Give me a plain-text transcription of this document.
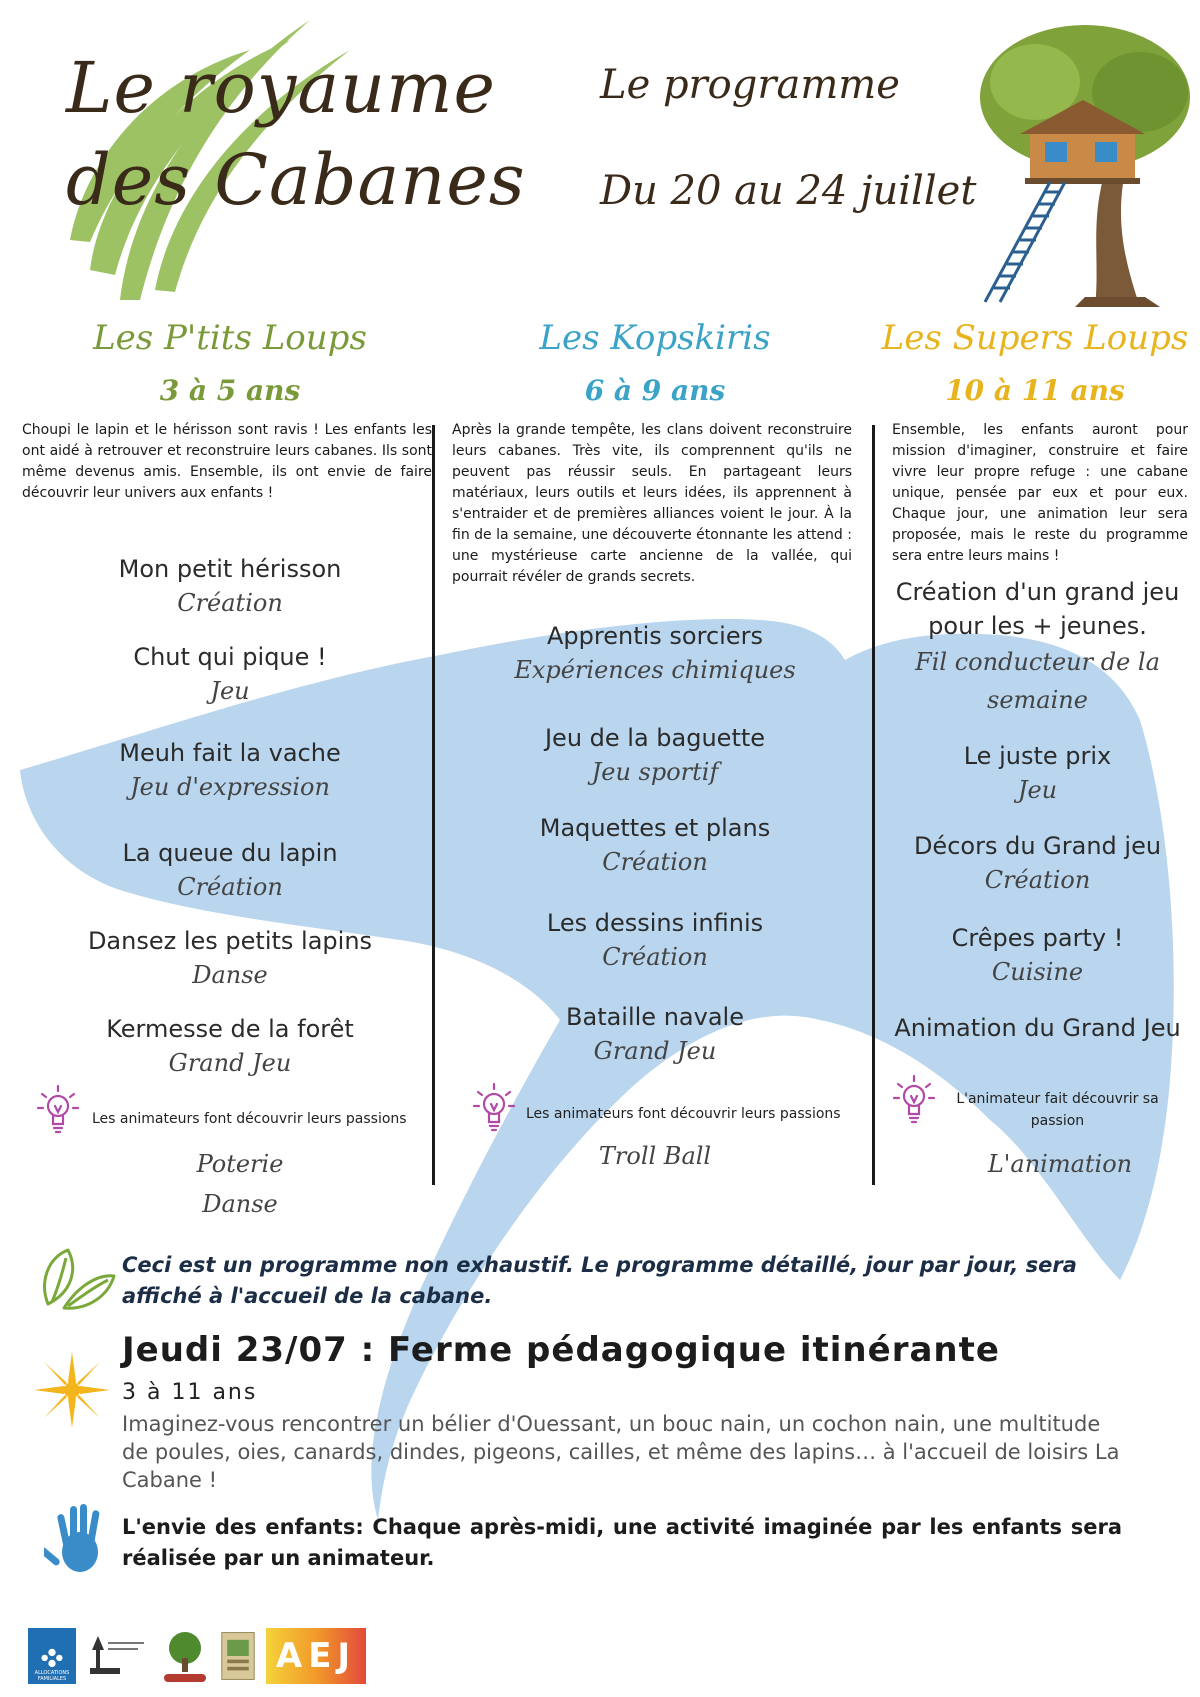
Le royaume
des Cabanes
Le programme
Du 20 au 24 juillet
Les P'tits Loups
3 à 5 ans
Choupi le lapin et le hérisson sont ravis ! Les enfants les ont aidé à retrouver et reconstruire leurs cabanes. Ils sont même devenus amis. Ensemble, ils ont envie de faire découvrir leur univers aux enfants !
Mon petit hérisson
Création
Chut qui pique !
Jeu
Meuh fait la vache
Jeu d'expression
La queue du lapin
Création
Dansez les petits lapins
Danse
Kermesse de la forêt
Grand Jeu
Les animateurs font découvrir leurs passions
Poterie
Danse
Les Kopskiris
6 à 9 ans
Après la grande tempête, les clans doivent reconstruire leurs cabanes. Très vite, ils comprennent qu'ils ne peuvent pas réussir seuls. En partageant leurs matériaux, leurs outils et leurs idées, ils apprennent à s'entraider et de premières alliances voient le jour. À la fin de la semaine, une découverte étonnante les attend : une mystérieuse carte ancienne de la vallée, qui pourrait révéler de grands secrets.
Apprentis sorciers
Expériences chimiques
Jeu de la baguette
Jeu sportif
Maquettes et plans
Création
Les dessins infinis
Création
Bataille navale
Grand Jeu
Les animateurs font découvrir leurs passions
Troll Ball
Les Supers Loups
10 à 11 ans
Ensemble, les enfants auront pour mission d'imaginer, construire et faire vivre leur propre refuge : une cabane unique, pensée par eux et pour eux. Chaque jour, une animation leur sera proposée, mais le reste du programme sera entre leurs mains !
Création d'un grand jeu pour les + jeunes.
Fil conducteur de la semaine
Le juste prix
Jeu
Décors du Grand jeu
Création
Crêpes party !
Cuisine
Animation du Grand Jeu
L'animateur fait découvrir sa passion
L'animation
Ceci est un programme non exhaustif. Le programme détaillé, jour par jour, sera affiché à l'accueil de la cabane.
Jeudi 23/07 : Ferme pédagogique itinérante
3 à 11 ans
Imaginez-vous rencontrer un bélier d'Ouessant, un bouc nain, un cochon nain, une multitude de poules, oies, canards, dindes, pigeons, cailles, et même des lapins… à l'accueil de loisirs La Cabane !
L'envie des enfants: Chaque après-midi, une activité imaginée par les enfants sera réalisée par un animateur.
ALLOCATIONS FAMILIALES
AEJ
